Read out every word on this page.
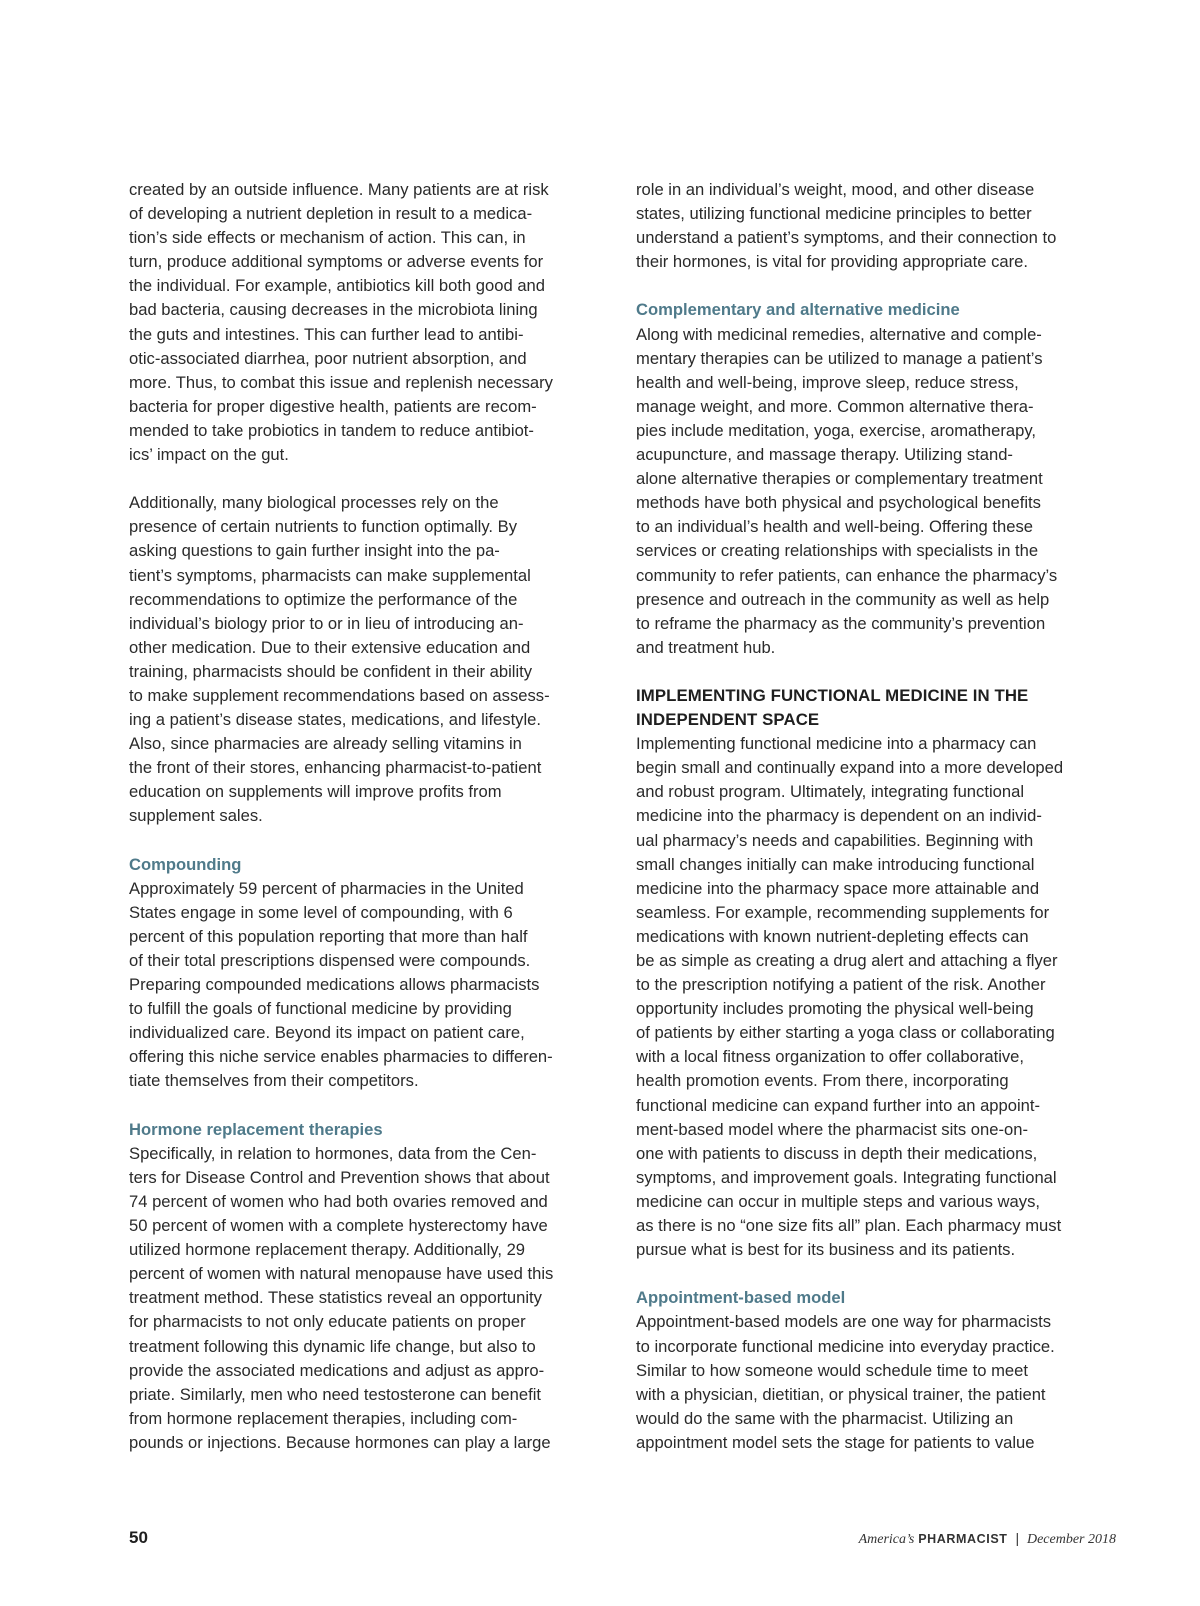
created by an outside influence. Many patients are at risk

of developing a nutrient depletion in result to a medica-

tion’s side effects or mechanism of action. This can, in

turn, produce additional symptoms or adverse events for

the individual. For example, antibiotics kill both good and

bad bacteria, causing decreases in the microbiota lining

the guts and intestines. This can further lead to antibi-

otic-associated diarrhea, poor nutrient absorption, and

more. Thus, to combat this issue and replenish necessary

bacteria for proper digestive health, patients are recom-

mended to take probiotics in tandem to reduce antibiot-

ics’ impact on the gut.

Additionally, many biological processes rely on the

presence of certain nutrients to function optimally. By

asking questions to gain further insight into the pa-

tient’s symptoms, pharmacists can make supplemental

recommendations to optimize the performance of the

individual’s biology prior to or in lieu of introducing an-

other medication. Due to their extensive education and

training, pharmacists should be confident in their ability

to make supplement recommendations based on assess-

ing a patient’s disease states, medications, and lifestyle.

Also, since pharmacies are already selling vitamins in

the front of their stores, enhancing pharmacist-to-patient

education on supplements will improve profits from

supplement sales.

Compounding

Approximately 59 percent of pharmacies in the United

States engage in some level of compounding, with 6

percent of this population reporting that more than half

of their total prescriptions dispensed were compounds.

Preparing compounded medications allows pharmacists

to fulfill the goals of functional medicine by providing

individualized care. Beyond its impact on patient care,

offering this niche service enables pharmacies to differen-

tiate themselves from their competitors.

Hormone replacement therapies

Specifically, in relation to hormones, data from the Cen-

ters for Disease Control and Prevention shows that about

74 percent of women who had both ovaries removed and

50 percent of women with a complete hysterectomy have

utilized hormone replacement therapy. Additionally, 29

percent of women with natural menopause have used this

treatment method. These statistics reveal an opportunity

for pharmacists to not only educate patients on proper

treatment following this dynamic life change, but also to

provide the associated medications and adjust as appro-

priate. Similarly, men who need testosterone can benefit

from hormone replacement therapies, including com-

pounds or injections. Because hormones can play a large

role in an individual’s weight, mood, and other disease

states, utilizing functional medicine principles to better

understand a patient’s symptoms, and their connection to

their hormones, is vital for providing appropriate care.

Complementary and alternative medicine

Along with medicinal remedies, alternative and comple-

mentary therapies can be utilized to manage a patient’s

health and well-being, improve sleep, reduce stress,

manage weight, and more. Common alternative thera-

pies include meditation, yoga, exercise, aromatherapy,

acupuncture, and massage therapy. Utilizing stand-

alone alternative therapies or complementary treatment

methods have both physical and psychological benefits

to an individual’s health and well-being. Offering these

services or creating relationships with specialists in the

community to refer patients, can enhance the pharmacy’s

presence and outreach in the community as well as help

to reframe the pharmacy as the community’s prevention

and treatment hub.

IMPLEMENTING FUNCTIONAL MEDICINE IN THE
INDEPENDENT SPACE

Implementing functional medicine into a pharmacy can

begin small and continually expand into a more developed

and robust program. Ultimately, integrating functional

medicine into the pharmacy is dependent on an individ-

ual pharmacy’s needs and capabilities. Beginning with

small changes initially can make introducing functional

medicine into the pharmacy space more attainable and

seamless. For example, recommending supplements for

medications with known nutrient-depleting effects can

be as simple as creating a drug alert and attaching a flyer

to the prescription notifying a patient of the risk. Another

opportunity includes promoting the physical well-being

of patients by either starting a yoga class or collaborating

with a local fitness organization to offer collaborative,

health promotion events. From there, incorporating

functional medicine can expand further into an appoint-

ment-based model where the pharmacist sits one-on-

one with patients to discuss in depth their medications,

symptoms, and improvement goals. Integrating functional

medicine can occur in multiple steps and various ways,

as there is no “one size fits all” plan. Each pharmacy must

pursue what is best for its business and its patients.

Appointment-based model

Appointment-based models are one way for pharmacists

to incorporate functional medicine into everyday practice.

Similar to how someone would schedule time to meet

with a physician, dietitian, or physical trainer, the patient

would do the same with the pharmacist. Utilizing an

appointment model sets the stage for patients to value

50	America’s PHARMACIST | December 2018
